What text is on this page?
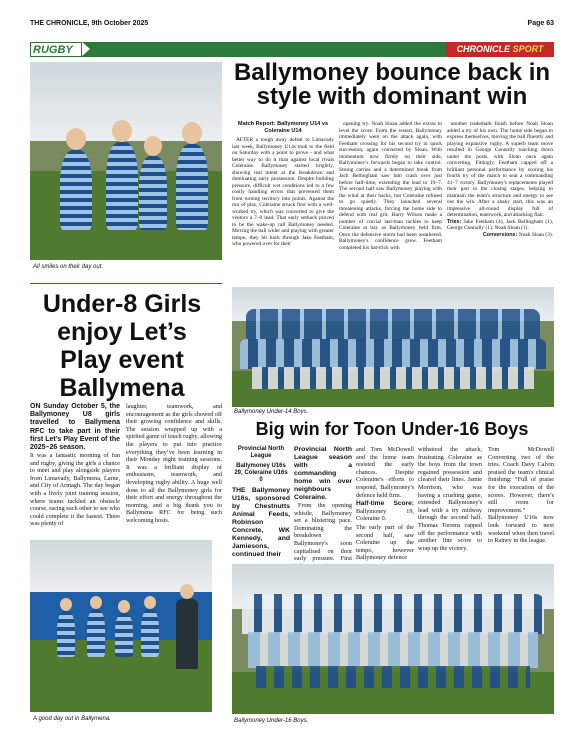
THE CHRONICLE, 9th October 2025	Page 63
RUGBY	CHRONICLE SPORT
All smiles on their day out.
Ballymoney bounce back in style with dominant win

Match Report: Ballymoney U14 vs Coleraine U14

AFTER a tough away defeat to Limavady last week, Ballymoney U14s took to the field on Saturday with a point to prove - and what better way to do it than against local rivals Coleraine. Ballymoney started brightly, showing real intent at the breakdown and dominating early possession. Despite building pressure, difficult wet conditions led to a few costly handling errors that prevented them from turning territory into points. Against the run of play, Coleraine struck first with a well-worked try, which was converted to give the visitors a 7–0 lead. That early setback proved to be the wake-up call Ballymoney needed. Moving the ball wider and playing with greater tempo, they hit back through Jake Feetham, who powered over for their

opening try. Noah Sloan added the extras to level the score. From the restart, Ballymoney immediately went on the attack again, with Feetham crossing for his second try in quick succession, again converted by Sloan. With momentum now firmly on their side, Ballymoney's forwards began to take control. Strong carries and a determined break from Jack Bellingham saw him crash over just before half-time, extending the lead to 19–7. The second half saw Ballymoney playing with the wind at their backs, but Coleraine refused to go quietly. They launched several threatening attacks, forcing the home side to defend with real grit. Harry Wilson made a number of crucial last-man tackles to keep Coleraine at bay as Ballymoney held firm. Once the defensive storm had been weathered, Ballymoney's confidence grew. Feetham completed his hat-trick with

another trademark finish before Noah Sloan added a try of his own. The home side began to express themselves, moving the ball fluently and playing expansive rugby. A superb team move resulted in George Connolly touching down under the posts, with Sloan once again converting. Fittingly, Feetham capped off a brilliant personal performance by scoring his fourth try of the match to seal a commanding 41–7 victory. Ballymoney's replacements played their part in the closing stages, helping to maintain the team's structure and energy to see out the win. After a shaky start, this was an impressive all-round display full of determination, teamwork, and attacking flair.

Tries: Jake Feetham (4), Jack Bellingham (1), George Connolly (1), Noah Sloan (1).

Conversions: Noah Sloan (3).

Under-8 Girls enjoy Let’s Play event Ballymena

ON Sunday October 5, the Ballymoney U8 girls travelled to Ballymena RFC to take part in their first Let’s Play Event of the 2025–26 season.

It was a fantastic morning of fun and rugby, giving the girls a chance to meet and play alongside players from Limavady, Ballymena, Larne, and City of Armagh. The day began with a lively joint training session, where teams tackled an obstacle course, racing each other to see who could complete it the fastest. There was plenty of

laughter, teamwork, and encouragement as the girls showed off their growing confidence and skills. The session wrapped up with a spirited game of touch rugby, allowing the players to put into practice everything they’ve been learning in their Monday night training sessions. It was a brilliant display of enthusiasm, teamwork, and developing rugby ability. A huge well done to all the Ballymoney girls for their effort and energy throughout the morning, and a big thank you to Ballymena RFC for being such welcoming hosts.

A good day out in Ballymena.
Ballymoney Under-14 Boys.
Big win for Toon Under-16 Boys

Provincial North League

Ballymoney U16s 29, Coleraine U16s 0

THE Ballymoney U16s, sponsored by Chestnutts Animal Feeds, Robinson Concrete, WK Kennedy, and Jamiesons, continued their

Provincial North League season with a commanding home win over neighbours Coleraine.

From the opening whistle, Ballymoney set a blistering pace. Dominating the breakdown Ballymoney's soon capitalised on their early pressure. First

and Tom McDowell and the home team resisted the early chances. Despite Coleraine's efforts to respond, Ballymoney's defence held firm.

Half-time Score: Ballymoney 19, Coleraine 0.

The early part of the second half, saw Coleraine up the tempo, however Ballymoney defence

withstood the attack, frustrating Coleraine as the boys from the town regained possession and cleared their lines. Jamie Morrison, who was having a crushing game, extended Ballymoney's lead with a try midway through the second half. Thomas Torrens capped off the performance with another fine score to wrap up the victory.

Tom McDowell Converting two of the tries. Coach Davy Calvin praised the team's clinical finishing: “Full of praise for the execution of the scores. However, there's still room for improvement.” Ballymoney U16s now look forward to next weekend when then travel to Rainey in the league.

Ballymoney Under-16 Boys.
